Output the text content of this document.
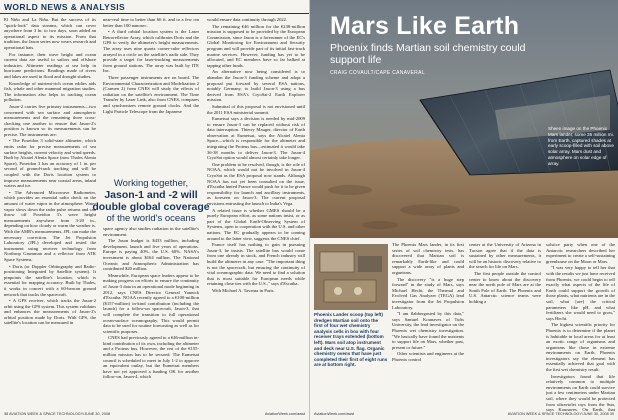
WORLD NEWS & ANALYSIS

El Niño and La Niña. But the success of its "quick-look" data streams, which can cover anywhere from 3 hr. to two days, soon added an operational aspect to its mission. From that tradition, the Jason series now wears research and operational hats.

For instance, their wave height and ocean current data are useful to sailors and offshore industries. Altimeter readings at sea help in hurricane predictions. Readings made of rivers and lakes are used in flood and drought studies.

Knowledge of nutrient-rich ocean eddies aids fish, whale and other mammal migration studies. The information also helps in tracking ocean pollution.

Jason-2 carries five primary instruments—two concerned with sea surface and atmospheric measurements and the remaining three cross-checking one another to ensure that Jason-2's position is known so its measurements can be precise. The instruments are:

• The Poseidon 3 solid-state altimeter, which emits radar for precise measurements of sea surface heights, current velocity and wind speeds. Built by Alcatel Alenia Space (now Thales Alenia Space), Poseidon 3 has an accuracy of 1 in. per second of ground-track tracking and will be coupled with the Doris location system to improve measurements near coastal areas, inland waters and ice.

• The Advanced Microwave Radiometer, which provides an essential radio check on the amount of water vapor in the atmosphere. Water vapor slows down the radar pulse returns and can throw off Poseidon 3's wave height measurements anywhere from 3-20 in., depending on how cloudy or warm the weather is. With the AMR's measurements, JPL can make the necessary correction. The Jet Propulsion Laboratory (JPL) developed and tested the instrument using receiver technology from Northrop Grumman and a reflector from ATK Space Systems.

• Doris (or Doppler Orbitography and Radio-positioning Integrated by Satellite system). It pinpoints the satellite's location, which is essential for mapping accuracy. Built by Thales, it works in concert with a 60-beacon ground network that tracks the spacecraft.

• A GPS receiver, which tracks the Jason-2 orbit using the GPS system. This system validates and enhances the measurements of Jason-2's orbital position made by Doris. With GPS, the satellite's location can be measured in

near-real time to better than 66 ft. and to a few cm better than 100 nanosec.

• A third orbital location system is the Laser Retroreflector Array, which calibrates Doris and the GPS to verify the altimeter's height measurements. The array uses nine quartz corner-cube reflectors arrayed in a circle on the satellite's nadir side. They provide a target for laser-tracking measurements from ground stations. The array was built by ITE Inc.

Three passenger instruments are on board. The Environmental Characterization and Modelization 2 (Carmen 2) from CNES will study the effects of radiation on the satellite's environment. The Time Transfer by Laser Link, also from CNES, compares and synchronizes remote ground clocks. And the Light Particle Telescope from the Japanese

Working together,
Jason-1 and -2 will double global coverage
of the world's oceans

space agency also studies radiation in the satellite's environment.

The Jason budget is $433 million, including development, launch and five years of operations. Europe is paying 40%, the U.S. 60%. NASA's investment is about $164 million. The National Oceanic and Atmospheric Administration has contributed $20 million.

Meanwhile, European space leaders appear to be making progress on efforts to ensure the continuity of Jason-3 data in an operational mode beginning in 2012, says CNES Director General Yannick d'Escatha. NOAA recently agreed to a €100-million ($157-million) in-kind contribution (including the launch) for a follow-on spacecraft, Jason-3, that will complete the transition to full operational ocean-surface oceanography. This would permit data to be used for routine forecasting as well as for scientific purposes.

CNES had previously agreed to a €46-million in-kind contribution of its own, including the altimeter and a Proteus bus. However, the rest of the €155-million mission has to be secured. The Eumetsat council is scheduled to meet in July 1-2 to approve an equivalent outlay, but the Eumetsat members have not yet approved a funding OK for another follow-on, Jason-4, which

would ensure data continuity through 2022.

The remaining €46 million for the €238-million mission is supposed to be provided by the European Commission, since Jason is a forerunner of the EC's Global Monitoring for Environment and Security program and will provide part of its initial fast-track marine services. However, funding has yet to be allocated, and EC members have so far balked at tapping other funds.

An alternative now being considered is to abandon the Jason-3 funding scheme and adopt a proposal put forward by several ESA nations, notably Germany, to build Jason-3 using a bus derived from ESA's CryoSat-2 Earth Explorer mission.

Submittal of this proposal is not envisioned until the 2011 ESA ministerial summit.

Eumetsat says a decision is needed by mid-2009 to ensure Jason-3 can be replaced without risk of data interruption. Thierry Mauger, director of Earth observation at Eumetsat, says the Alcatel Alenia Space—which is responsible for the altimeter and integrating the Proteus bus—estimated it would take 36-38 months to deliver Jason-3. The Jason-4 CryoSat option would almost certainly take longer.

One problem to be resolved, though, is the role of NOAA, which would not be involved in Jason-4 CryoSat as the ESA proposal now stands. Although NOAA has not yet been consulted on the issue, d'Escatha hinted France would push for it to be given responsibility for launch and ancillary instruments, as foreseen on Jason-3. The current proposal envisions entrusting the launch to India's Vega.

A related issue is whether GMES should be a purely European effort, as some nations insist, or as part of the Global Earth-Observing System of Systems, open to cooperation with the U.S. and other nations. The EC gradually appears to be coming around to the latter view, suggests the CNES chief.

France itself has nothing to gain in pursuing Jason-3, he insists. The satellite bus would come from one already in stock, and French industry will build the altimeter in any case. "The important thing is not the spacecraft, but ensuring the continuity of vital oceanographic data. We need to find a solution that is most suitable for European needs while retaining close ties with the U.S.," says d'Escatha.

With Michael A. Taverna in Paris.

38 AVIATION WEEK & SPACE TECHNOLOGY/JUNE 30, 2008	AviationWeek.com/awst
Mars Like Earth
Phoenix finds Martian soil chemistry could support life
CRAIG COVAULT/CAPE CANAVERAL
Sheen image on the Phoenix Mars lander, some 35 million mi. from Earth, captured shades at early scoop-filled with soil above solar array. Mars dust and atmosphere on solar edge of array.

The Phoenix Mars lander, in its first series of soil chemistry tests, has discovered that Martian soil is remarkably Earth-like and could support a wide array of plants and organisms.

The discovery "is a huge step forward" in the study of Mars, says Michael Hecht, the Thermal and Evolved Gas Analyzer (TEGA) lead investigator from the Jet Propulsion Laboratory.

"I am flabbergasted by this data," says Samuel Kounaves of Tufts University, the lead investigator on the Phoenix wet chemistry investigation. "We basically have found the nutrients to support life on Mars, whether past, present or future."

Other scientists and engineers at the Phoenix control

center at the University of Arizona in Tucson agree that if the data is sustained by other measurements, it will be an historic discovery relative to the search for life on Mars.

The first people outside the control center to know about the discovery near the north pole of Mars are at the South Pole of Earth. The Phoenix and U.S. Antarctic science teams were holding a

solstice party when one of the Antarctic researchers described her experiment to create a self-sustaining greenhouse on the Moon or Mars.

"I was very happy to tell her that with the results we just have received from Phoenix, we could begin to tell exactly what aspects of the life of Earth could support the growth of those plants, what nutrients are in the soil, what [are] the critical parameters like pH, and what fertilizers she would need to grow," says Hecht.

The highest scientific priority for Phoenix is to determine if the planet is habitable in local areas for at least an exotic range of organisms and organisms like those in extreme environments on Earth. Phoenix investigators say the element has essentially achieved that goal with the first wet chemistry result.

Investigators found that life relatively common to multiple environments on Earth could survive just a few centimeters under Martian soil, where they would be protected from ultraviolet rays from the Sun, says Kounaves. On Earth, that

Phoenix Lander scoop (top left) dredges Martian soil onto the first of four wet chemistry analysis cells in box with four receiver trays extended (bottom left). Mars soil atop instrument and deck near U.S. flag. Organic chemistry ovens that have just completed their first of eight runs are at bottom right.
AviationWeek.com/awst	AVIATION WEEK & SPACE TECHNOLOGY/JUNE 30, 2008 39
